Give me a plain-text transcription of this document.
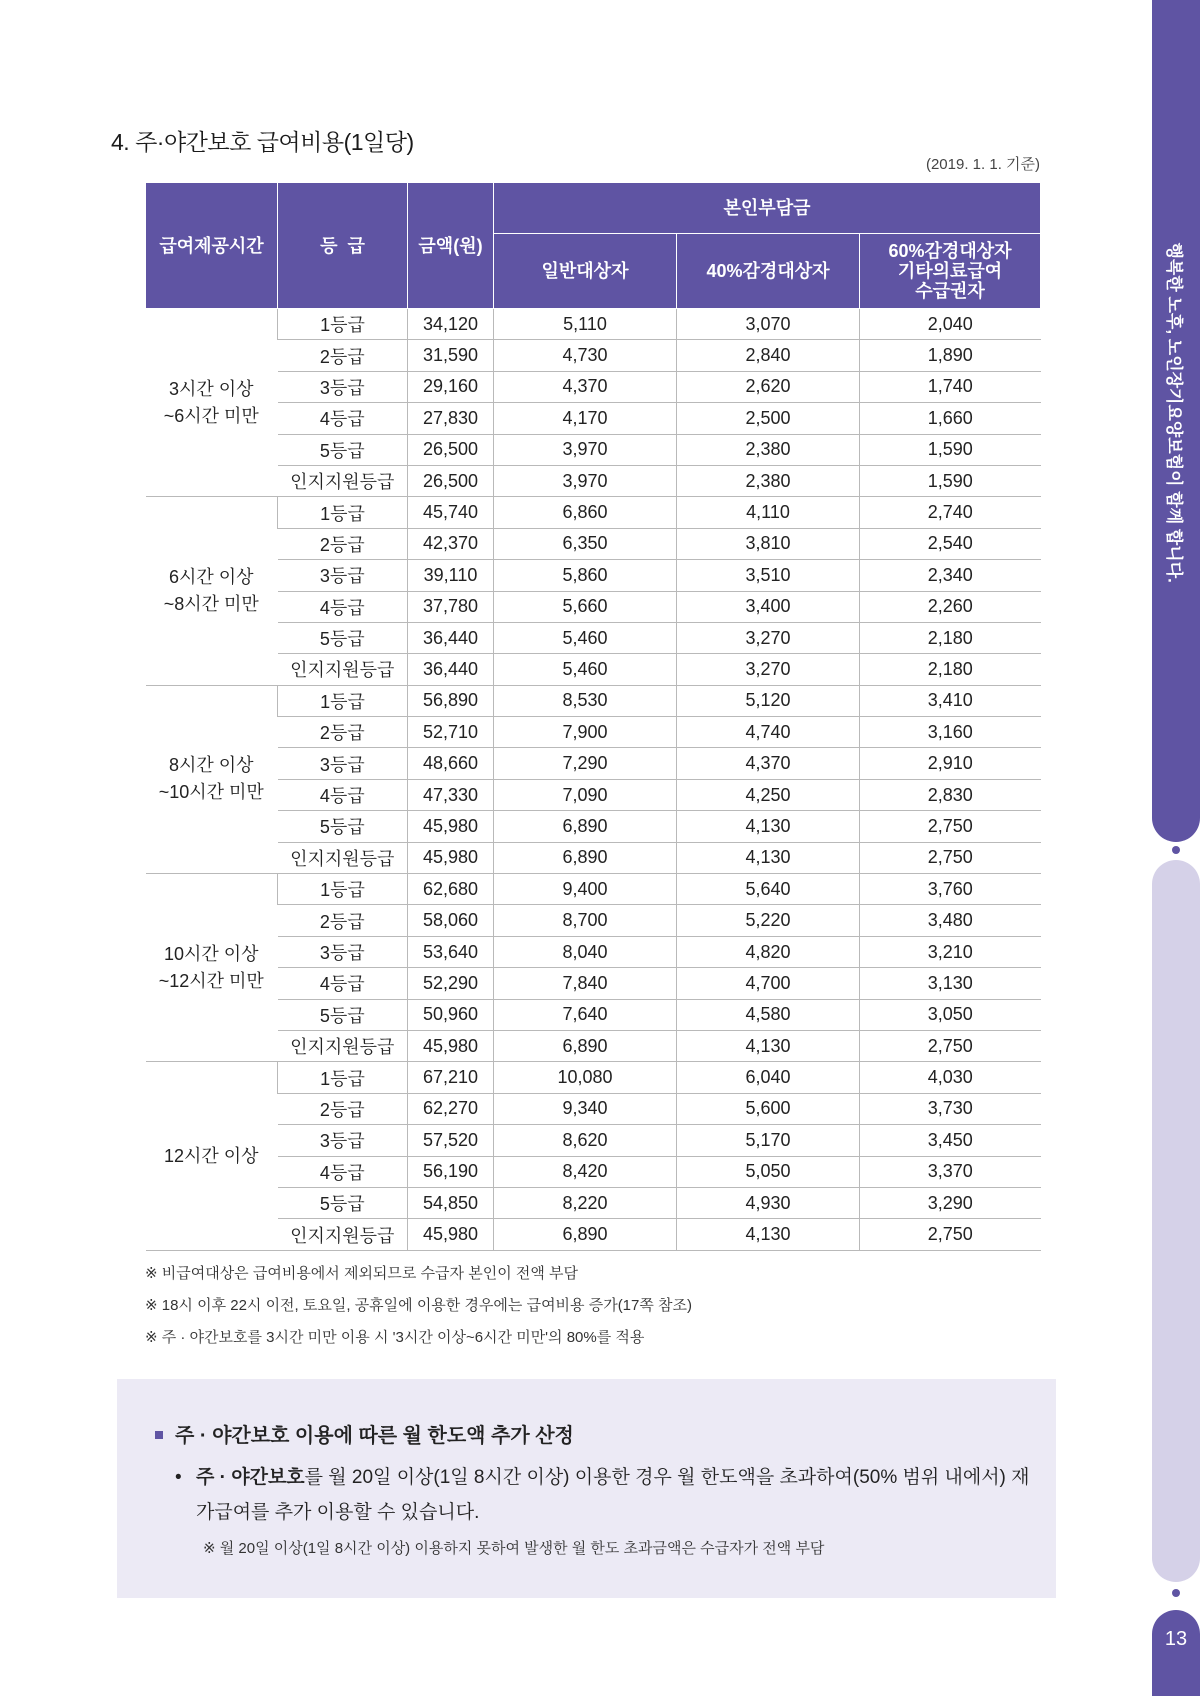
4. 주·야간보호 급여비용(1일당)
(2019. 1. 1. 기준)
급여제공시간	등  급	금액(원)	본인부담금		
			일반대상자	40%감경대상자	60%감경대상자
기타의료급여
수급권자
3시간 이상
~6시간 미만	1등급	34,120	5,110	3,070	2,040
	2등급	31,590	4,730	2,840	1,890
	3등급	29,160	4,370	2,620	1,740
	4등급	27,830	4,170	2,500	1,660
	5등급	26,500	3,970	2,380	1,590
	인지지원등급	26,500	3,970	2,380	1,590
6시간 이상
~8시간 미만	1등급	45,740	6,860	4,110	2,740
	2등급	42,370	6,350	3,810	2,540
	3등급	39,110	5,860	3,510	2,340
	4등급	37,780	5,660	3,400	2,260
	5등급	36,440	5,460	3,270	2,180
	인지지원등급	36,440	5,460	3,270	2,180
8시간 이상
~10시간 미만	1등급	56,890	8,530	5,120	3,410
	2등급	52,710	7,900	4,740	3,160
	3등급	48,660	7,290	4,370	2,910
	4등급	47,330	7,090	4,250	2,830
	5등급	45,980	6,890	4,130	2,750
	인지지원등급	45,980	6,890	4,130	2,750
10시간 이상
~12시간 미만	1등급	62,680	9,400	5,640	3,760
	2등급	58,060	8,700	5,220	3,480
	3등급	53,640	8,040	4,820	3,210
	4등급	52,290	7,840	4,700	3,130
	5등급	50,960	7,640	4,580	3,050
	인지지원등급	45,980	6,890	4,130	2,750
12시간 이상	1등급	67,210	10,080	6,040	4,030
	2등급	62,270	9,340	5,600	3,730
	3등급	57,520	8,620	5,170	3,450
	4등급	56,190	8,420	5,050	3,370
	5등급	54,850	8,220	4,930	3,290
	인지지원등급	45,980	6,890	4,130	2,750
※ 비급여대상은 급여비용에서 제외되므로 수급자 본인이 전액 부담
※ 18시 이후 22시 이전, 토요일, 공휴일에 이용한 경우에는 급여비용 증가(17쪽 참조)
※ 주 · 야간보호를 3시간 미만 이용 시 '3시간 이상~6시간 미만'의 80%를 적용
주 · 야간보호 이용에 따른 월 한도액 추가 산정
• 주 · 야간보호를 월 20일 이상(1일 8시간 이상) 이용한 경우 월 한도액을 초과하여(50% 범위 내에서) 재가급여를 추가 이용할 수 있습니다.
※ 월 20일 이상(1일 8시간 이상) 이용하지 못하여 발생한 월 한도 초과금액은 수급자가 전액 부담
행복한 노후, 노인장기요양보험이 함께 합니다.
13
